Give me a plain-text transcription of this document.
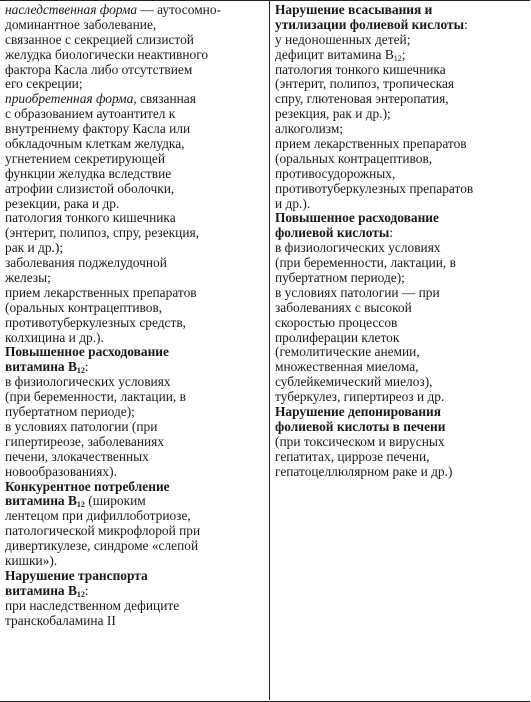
наследственная форма — аутосомно-
доминантное заболевание,
связанное с секрецией слизистой
желудка биологически неактивного
фактора Касла либо отсутствием
его секреции;
приобретенная форма, связанная
с образованием аутоантител к
внутреннему фактору Касла или
обкладочным клеткам желудка,
угнетением секретирующей
функции желудка вследствие
атрофии слизистой оболочки,
резекции, рака и др.
патология тонкого кишечника
(энтерит, полипоз, спру, резекция,
рак и др.);
заболевания поджелудочной
железы;
прием лекарственных препаратов
(оральных контрацептивов,
противотуберкулезных средств,
колхицина и др.).
Повышенное расходование
витамина $B_{12}$:
в физиологических условиях
(при беременности, лактации, в
пубертатном периоде);
в условиях патологии (при
гипертиреозе, заболеваниях
печени, злокачественных
новообразованиях).
Конкурентное потребление
витамина $B_{12}$ (широким
лентецом при дифиллоботриозе,
патологической микрофлорой при
дивертикулезе, синдроме «слепой
кишки»).
Нарушение транспорта
витамина $B_{12}$:
при наследственном дефиците
транскобаламина II
Нарушение всасывания и
утилизации фолиевой кислоты:
у недоношенных детей;
дефицит витамина $B_{12}$;
патология тонкого кишечника
(энтерит, полипоз, тропическая
спру, глютеновая энтеропатия,
резекция, рак и др.);
алкоголизм;
прием лекарственных препаратов
(оральных контрацептивов,
противосудорожных,
противотуберкулезных препаратов
и др.).
Повышенное расходование
фолиевой кислоты:
в физиологических условиях
(при беременности, лактации, в
пубертатном периоде);
в условиях патологии — при
заболеваниях с высокой
скоростью процессов
пролиферации клеток
(гемолитические анемии,
множественная миелома,
сублейкемический миелоз),
туберкулез, гипертиреоз и др.
Нарушение депонирования
фолиевой кислоты в печени
(при токсическом и вирусных
гепатитах, циррозе печени,
гепатоцеллюлярном раке и др.)
